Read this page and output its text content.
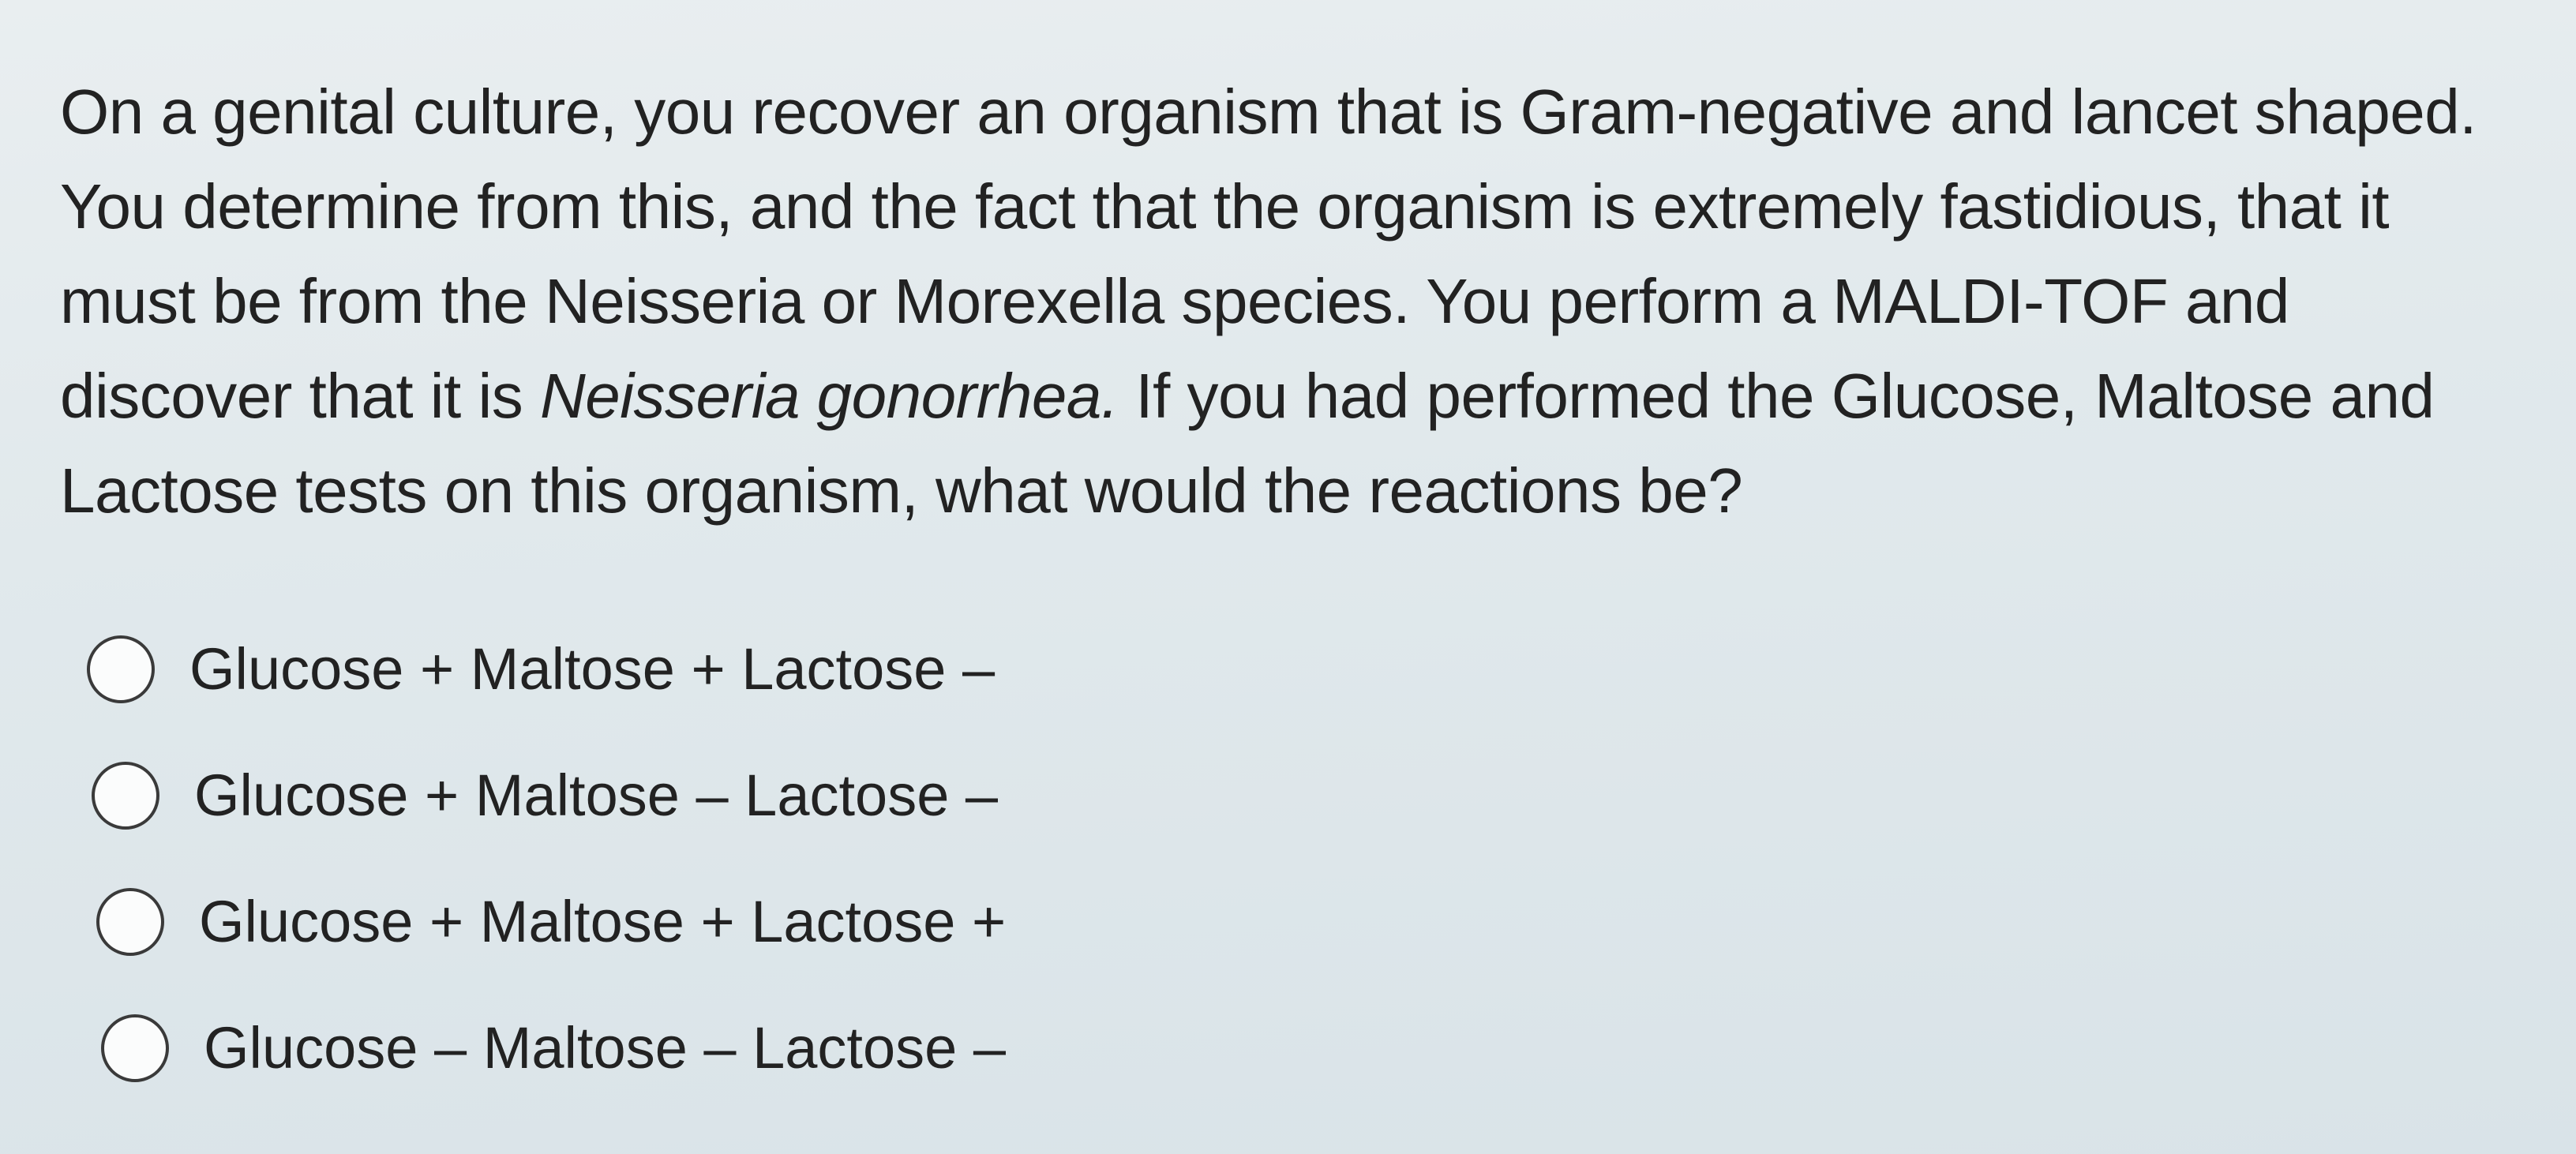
On a genital culture, you recover an organism that is Gram-negative and lancet shaped. You determine from this, and the fact that the organism is extremely fastidious, that it must be from the Neisseria or Morexella species. You perform a MALDI-TOF and discover that it is Neisseria gonorrhea. If you had performed the Glucose, Maltose and Lactose tests on this organism, what would the reactions be?

Glucose + Maltose + Lactose –
Glucose + Maltose – Lactose –
Glucose + Maltose + Lactose +
Glucose – Maltose – Lactose –
